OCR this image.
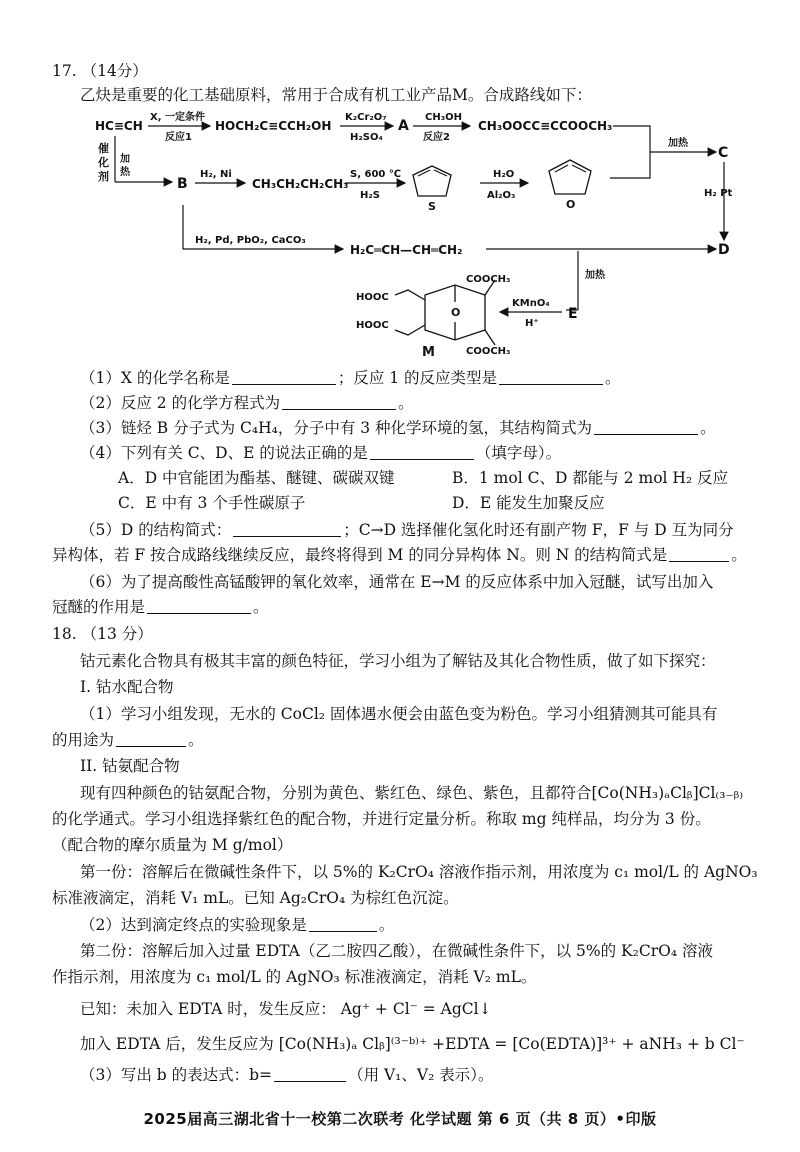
17. （14分）
乙炔是重要的化工基础原料，常用于合成有机工业产品M。合成路线如下：
HC≡CH
X, 一定条件
反应1
HOCH₂C≡CCH₂OH
K₂Cr₂O₇
H₂SO₄
A
CH₃OH
反应2
CH₃OOCC≡CCOOCH₃
加热
C
H₂ Pt
催
化
剂
加
热
B
H₂, Ni
CH₃CH₂CH₂CH₃
S, 600 ℃
H₂S
S
H₂O
Al₂O₃
O
H₂, Pd, PbO₂, CaCO₃
H₂C═CH—CH═CH₂	D
加热
E
KMnO₄
H⁺
O
COOCH₃
COOCH₃
HOOC
HOOC
M
（1）X 的化学名称是	；反应 1 的反应类型是	。
（2）反应 2 的化学方程式为	。
（3）链烃 B 分子式为 C₄H₄，分子中有 3 种化学环境的氢，其结构简式为	。
（4）下列有关 C、D、E 的说法正确的是	（填字母）。
A．D 中官能团为酯基、醚键、碳碳双键	B．1 mol C、D 都能与 2 mol H₂ 反应
C．E 中有 3 个手性碳原子	D．E 能发生加聚反应
（5）D 的结构简式：	；C→D 选择催化氢化时还有副产物 F，F 与 D 互为同分
异构体，若 F 按合成路线继续反应，最终将得到 M 的同分异构体 N。则 N 的结构简式是	。
（6）为了提高酸性高锰酸钾的氧化效率，通常在 E→M 的反应体系中加入冠醚，试写出加入
冠醚的作用是	。
18. （13 分）
钴元素化合物具有极其丰富的颜色特征，学习小组为了解钴及其化合物性质，做了如下探究：
I. 钴水配合物
（1）学习小组发现，无水的 CoCl₂ 固体遇水便会由蓝色变为粉色。学习小组猜测其可能具有
的用途为	。
II. 钴氨配合物
现有四种颜色的钴氨配合物，分别为黄色、紫红色、绿色、紫色，且都符合[Co(NH₃)ₐClᵦ]Cl₍₃₋ᵦ₎
的化学通式。学习小组选择紫红色的配合物，并进行定量分析。称取 mg 纯样品，均分为 3 份。
（配合物的摩尔质量为 M g/mol）
第一份：溶解后在微碱性条件下，以 5%的 K₂CrO₄ 溶液作指示剂，用浓度为 c₁ mol/L 的 AgNO₃
标准液滴定，消耗 V₁ mL。已知 Ag₂CrO₄ 为棕红色沉淀。
（2）达到滴定终点的实验现象是	。
第二份：溶解后加入过量 EDTA（乙二胺四乙酸），在微碱性条件下，以 5%的 K₂CrO₄ 溶液
作指示剂，用浓度为 c₁ mol/L 的 AgNO₃ 标准液滴定，消耗 V₂ mL。
已知：未加入 EDTA 时，发生反应： Ag⁺ + Cl⁻ = AgCl↓
加入 EDTA 后，发生反应为 [Co(NH₃)ₐ Clᵦ]⁽³⁻ᵇ⁾⁺ +EDTA = [Co(EDTA)]³⁺ + aNH₃ + b Cl⁻
（3）写出 b 的表达式：b=	（用 V₁、V₂ 表示）。
2025届高三湖北省十一校第二次联考 化学试题 第 6 页（共 8 页）•印版
